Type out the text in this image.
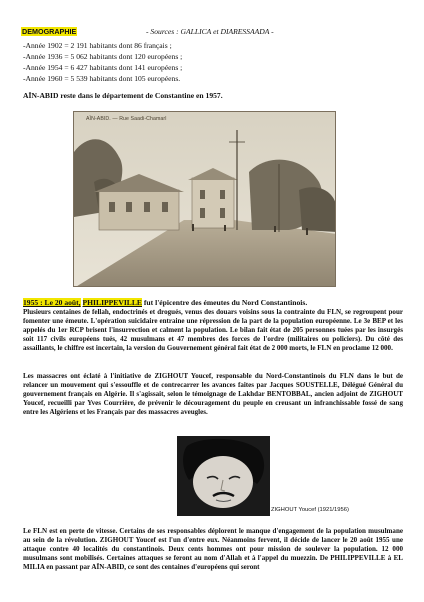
DEMOGRAPHIE	- Sources : GALLICA et DIARESSAADA -
-Année 1902 = 2 191 habitants dont 86 français ;
-Année 1936 = 5 062 habitants dont 120 européens ;
-Année 1954 = 6 427 habitants dont 141 européens ;
-Année 1960 = 5 539 habitants dont 105 européens.
AÏN-ABID reste dans le département de Constantine en 1957.
AÏN-ABID. — Rue Saadi-Chamarl
1955 : Le 20 août, PHILIPPEVILLE fut l'épicentre des émeutes du Nord Constantinois.
Plusieurs centaines de fellah, endoctrinés et drogués, venus des douars voisins sous la contrainte du FLN, se regroupent pour fomenter une émeute. L'opération suicidaire entraine une répression de la part de la population européenne. Le 3e BEP et les appelés du 1er RCP brisent l'insurrection et calment la population. Le bilan fait état de 205 personnes tuées par les insurgés soit 117 civils européens tués, 42 musulmans et 47 membres des forces de l'ordre (militaires ou policiers). Du côté des assaillants, le chiffre est incertain, la version du Gouvernement général fait état de 2 000 morts, le FLN en proclame 12 000.
Les massacres ont éclaté à l'initiative de ZIGHOUT Youcef, responsable du Nord-Constantinois du FLN dans le but de relancer un mouvement qui s'essouffle et de contrecarrer les avances faites par Jacques SOUSTELLE, Délégué Général du gouvernement français en Algérie. Il s'agissait, selon le témoignage de Lakhdar BENTOBBAL, ancien adjoint de ZIGHOUT Youcef, recueilli par Yves Courrière, de prévenir le découragement du peuple en creusant un infranchissable fossé de sang entre les Algériens et les Français par des massacres aveugles.
ZIGHOUT Youcef (1921/1956)
Le FLN est en perte de vitesse. Certains de ses responsables déplorent le manque d'engagement de la population musulmane au sein de la révolution. ZIGHOUT Youcef est l'un d'entre eux. Néanmoins fervent, il décide de lancer le 20 août 1955 une attaque contre 40 localités du constantinois. Deux cents hommes ont pour mission de soulever la population. 12 000 musulmans sont mobilisés. Certaines attaques se feront au nom d'Allah et à l'appel du muezzin. De PHILIPPEVILLE à EL MILIA en passant par AÏN-ABID, ce sont des centaines d'européens qui seront
